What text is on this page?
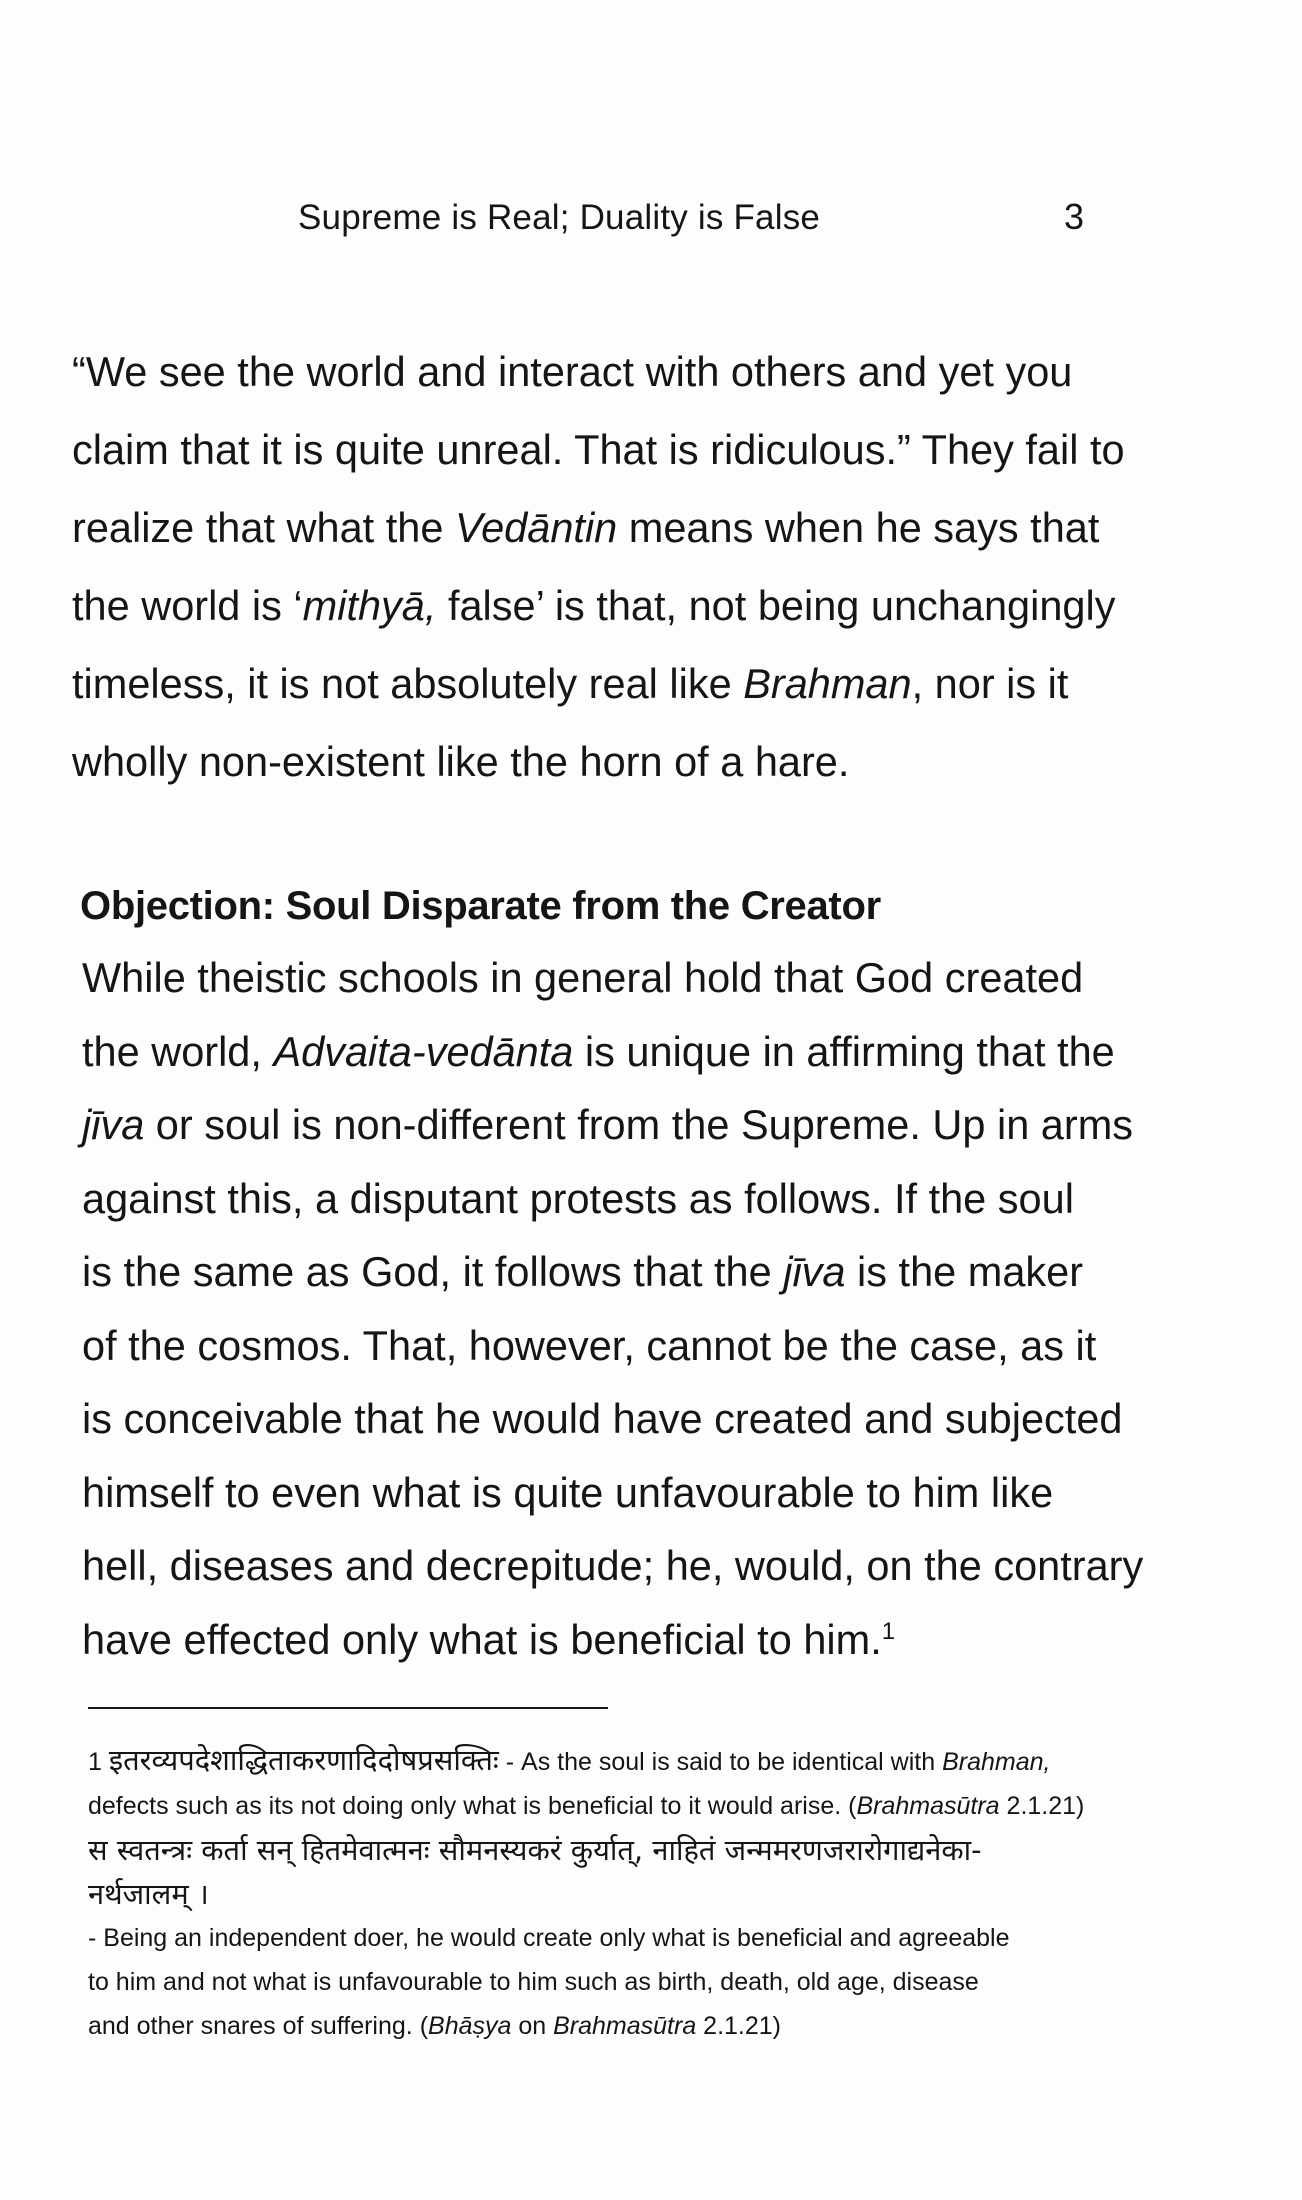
Supreme is Real; Duality is False	3
“We see the world and interact with others and yet you
claim that it is quite unreal. That is ridiculous.” They fail to
realize that what the Vedāntin means when he says that
the world is ‘mithyā, false’ is that, not being unchangingly
timeless, it is not absolutely real like Brahman, nor is it
wholly non-existent like the horn of a hare.
Objection: Soul Disparate from the Creator
While theistic schools in general hold that God created
the world, Advaita-vedānta is unique in affirming that the
jīva or soul is non-different from the Supreme. Up in arms
against this, a disputant protests as follows. If the soul
is the same as God, it follows that the jīva is the maker
of the cosmos. That, however, cannot be the case, as it
is conceivable that he would have created and subjected
himself to even what is quite unfavourable to him like
hell, diseases and decrepitude; he, would, on the contrary
have effected only what is beneficial to him.$^1$
1 इतरव्यपदेशाद्धिताकरणादिदोषप्रसक्तिः - As the soul is said to be identical with Brahman,
defects such as its not doing only what is beneficial to it would arise. (Brahmasūtra 2.1.21)
स स्वतन्त्रः कर्ता सन् हितमेवात्मनः सौमनस्यकरं कुर्यात्, नाहितं जन्ममरणजरारोगाद्यनेका-
नर्थजालम् ।
- Being an independent doer, he would create only what is beneficial and agreeable
to him and not what is unfavourable to him such as birth, death, old age, disease
and other snares of suffering. (Bhāṣya on Brahmasūtra 2.1.21)
